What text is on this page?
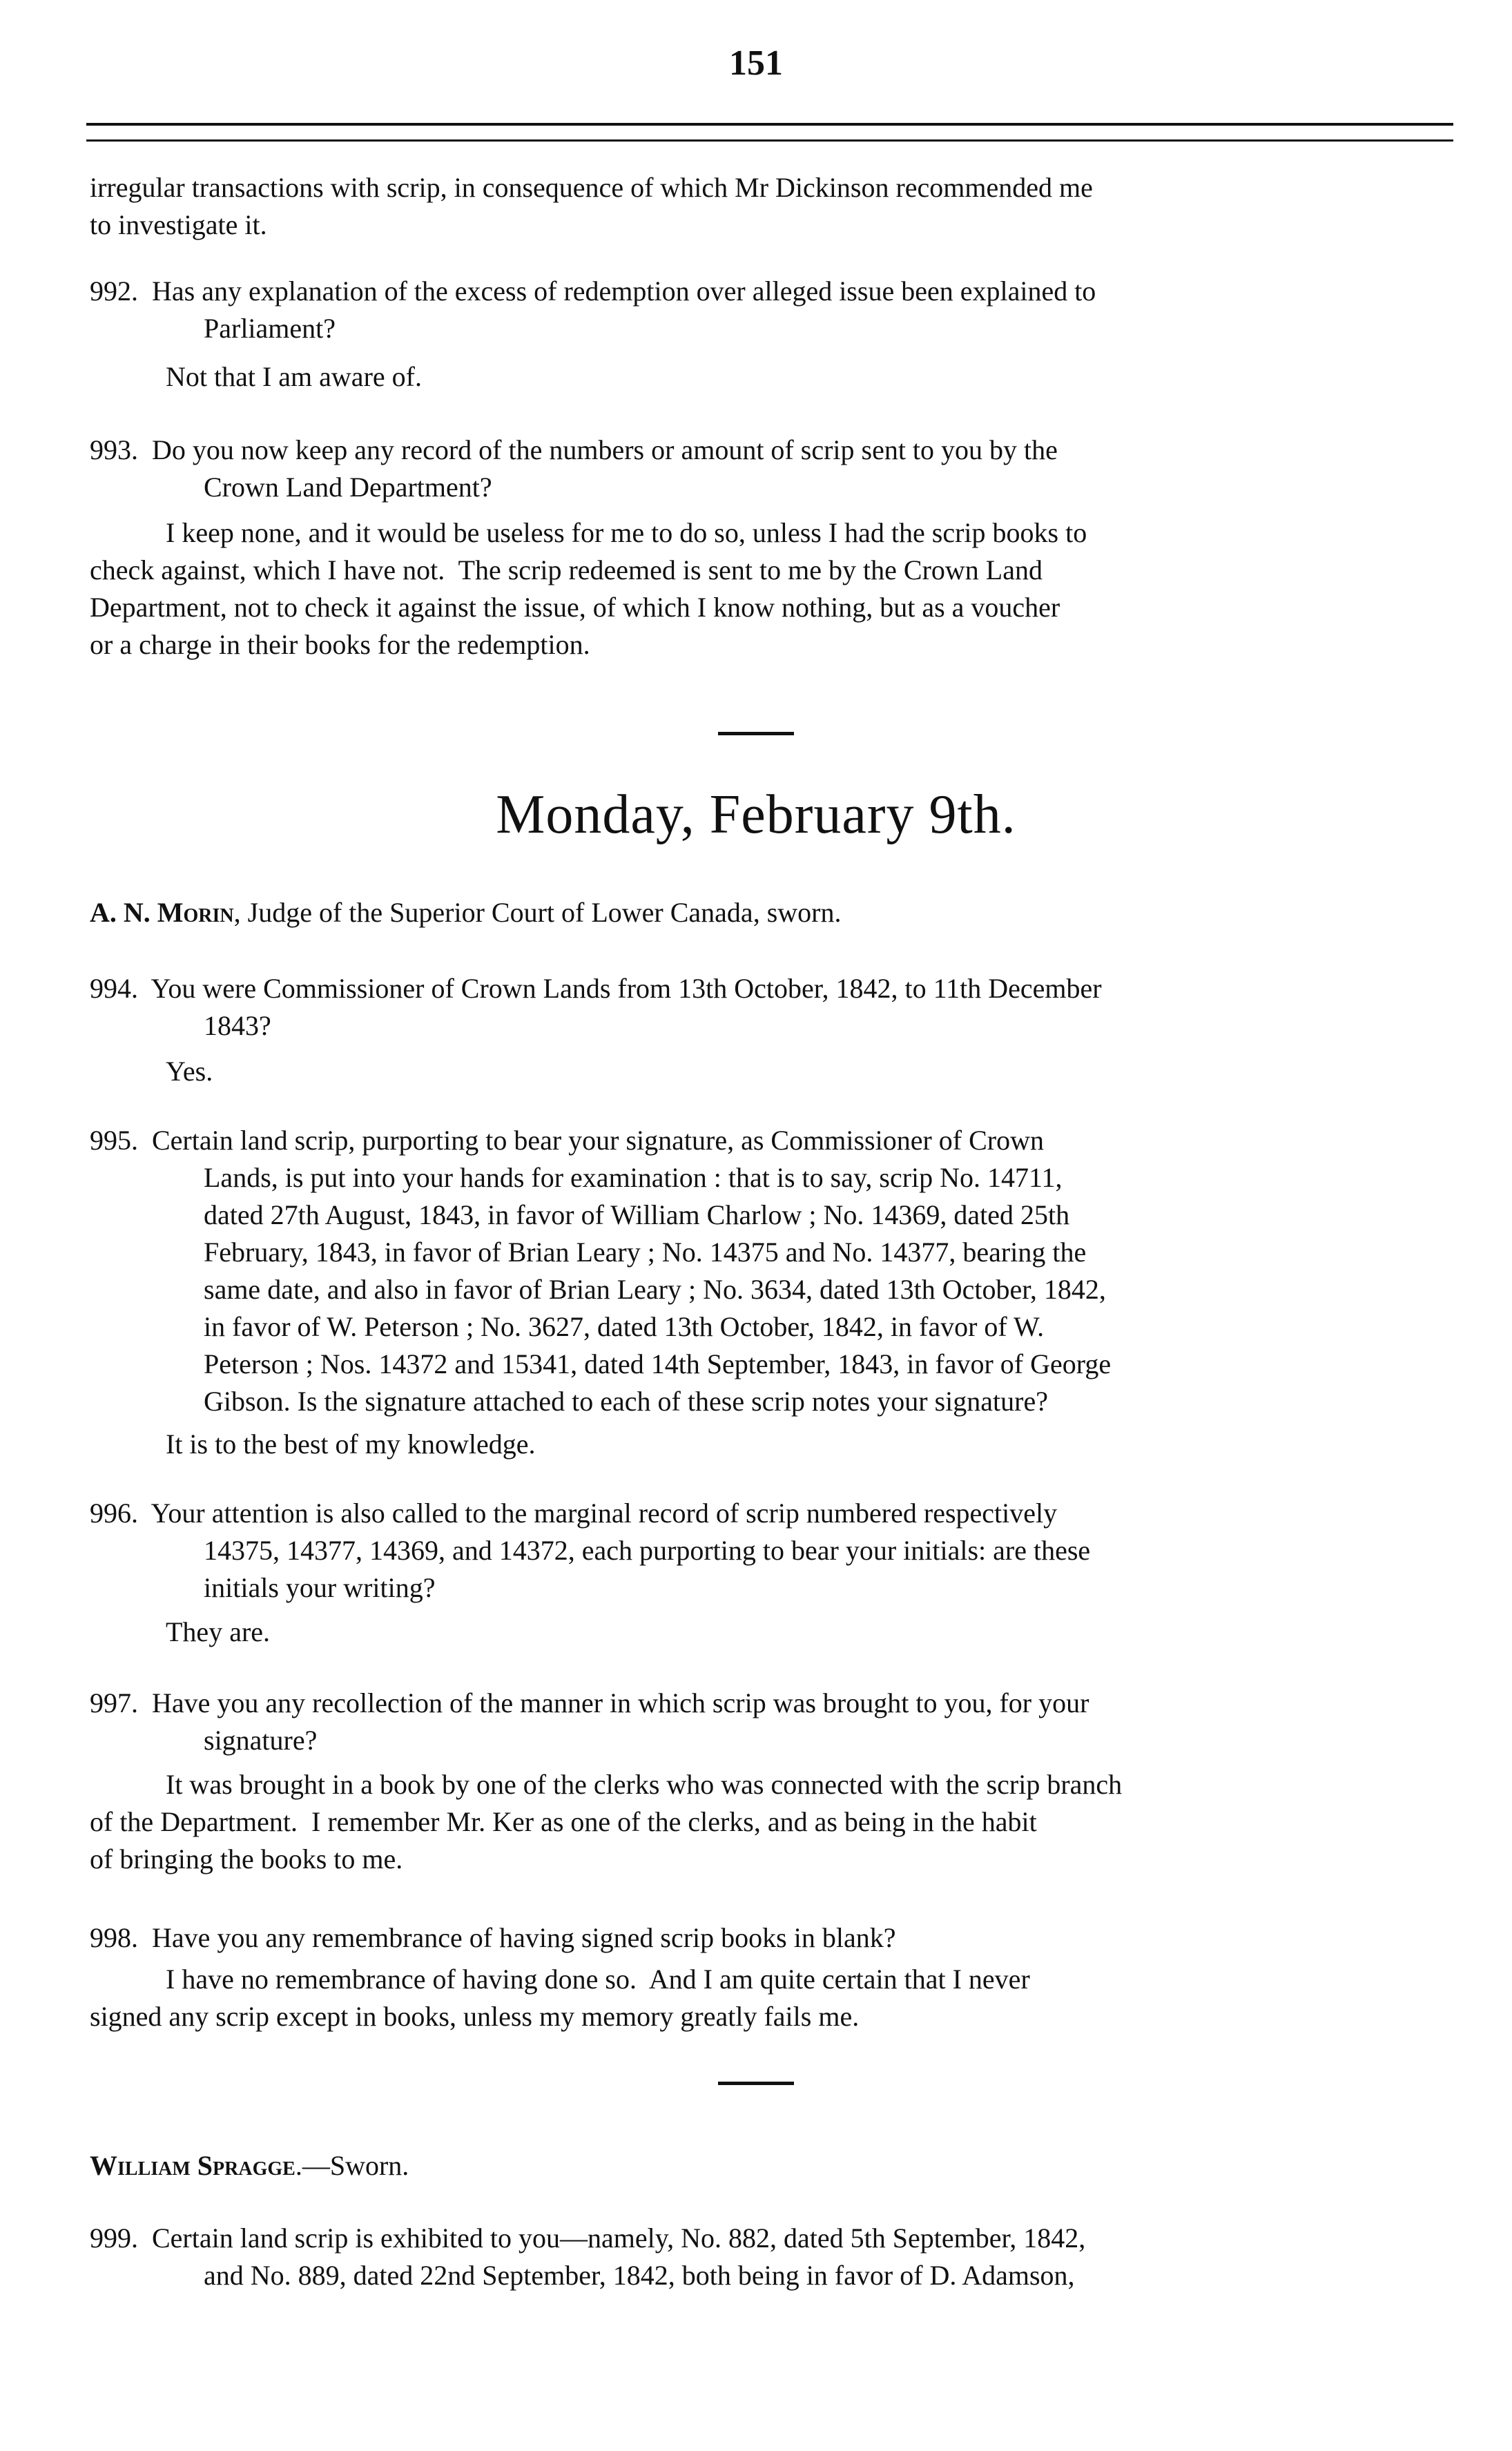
151
irregular transactions with scrip, in consequence of which Mr Dickinson recommended me
to investigate it.
992. Has any explanation of the excess of redemption over alleged issue been explained to
Parliament?
Not that I am aware of.
993. Do you now keep any record of the numbers or amount of scrip sent to you by the
Crown Land Department?
I keep none, and it would be useless for me to do so, unless I had the scrip books to
check against, which I have not.  The scrip redeemed is sent to me by the Crown Land
Department, not to check it against the issue, of which I know nothing, but as a voucher
or a charge in their books for the redemption.
Monday, February 9th.
A. N. Morin, Judge of the Superior Court of Lower Canada, sworn.
994. You were Commissioner of Crown Lands from 13th October, 1842, to 11th December
1843?
Yes.
995. Certain land scrip, purporting to bear your signature, as Commissioner of Crown
Lands, is put into your hands for examination : that is to say, scrip No. 14711,
dated 27th August, 1843, in favor of William Charlow ; No. 14369, dated 25th
February, 1843, in favor of Brian Leary ; No. 14375 and No. 14377, bearing the
same date, and also in favor of Brian Leary ; No. 3634, dated 13th October, 1842,
in favor of W. Peterson ; No. 3627, dated 13th October, 1842, in favor of W.
Peterson ; Nos. 14372 and 15341, dated 14th September, 1843, in favor of George
Gibson. Is the signature attached to each of these scrip notes your signature?
It is to the best of my knowledge.
996. Your attention is also called to the marginal record of scrip numbered respectively
14375, 14377, 14369, and 14372, each purporting to bear your initials: are these
initials your writing?
They are.
997. Have you any recollection of the manner in which scrip was brought to you, for your
signature?
It was brought in a book by one of the clerks who was connected with the scrip branch
of the Department.  I remember Mr. Ker as one of the clerks, and as being in the habit
of bringing the books to me.
998. Have you any remembrance of having signed scrip books in blank?
I have no remembrance of having done so.  And I am quite certain that I never
signed any scrip except in books, unless my memory greatly fails me.
William Spragge.—Sworn.
999. Certain land scrip is exhibited to you—namely, No. 882, dated 5th September, 1842,
and No. 889, dated 22nd September, 1842, both being in favor of D. Adamson,
